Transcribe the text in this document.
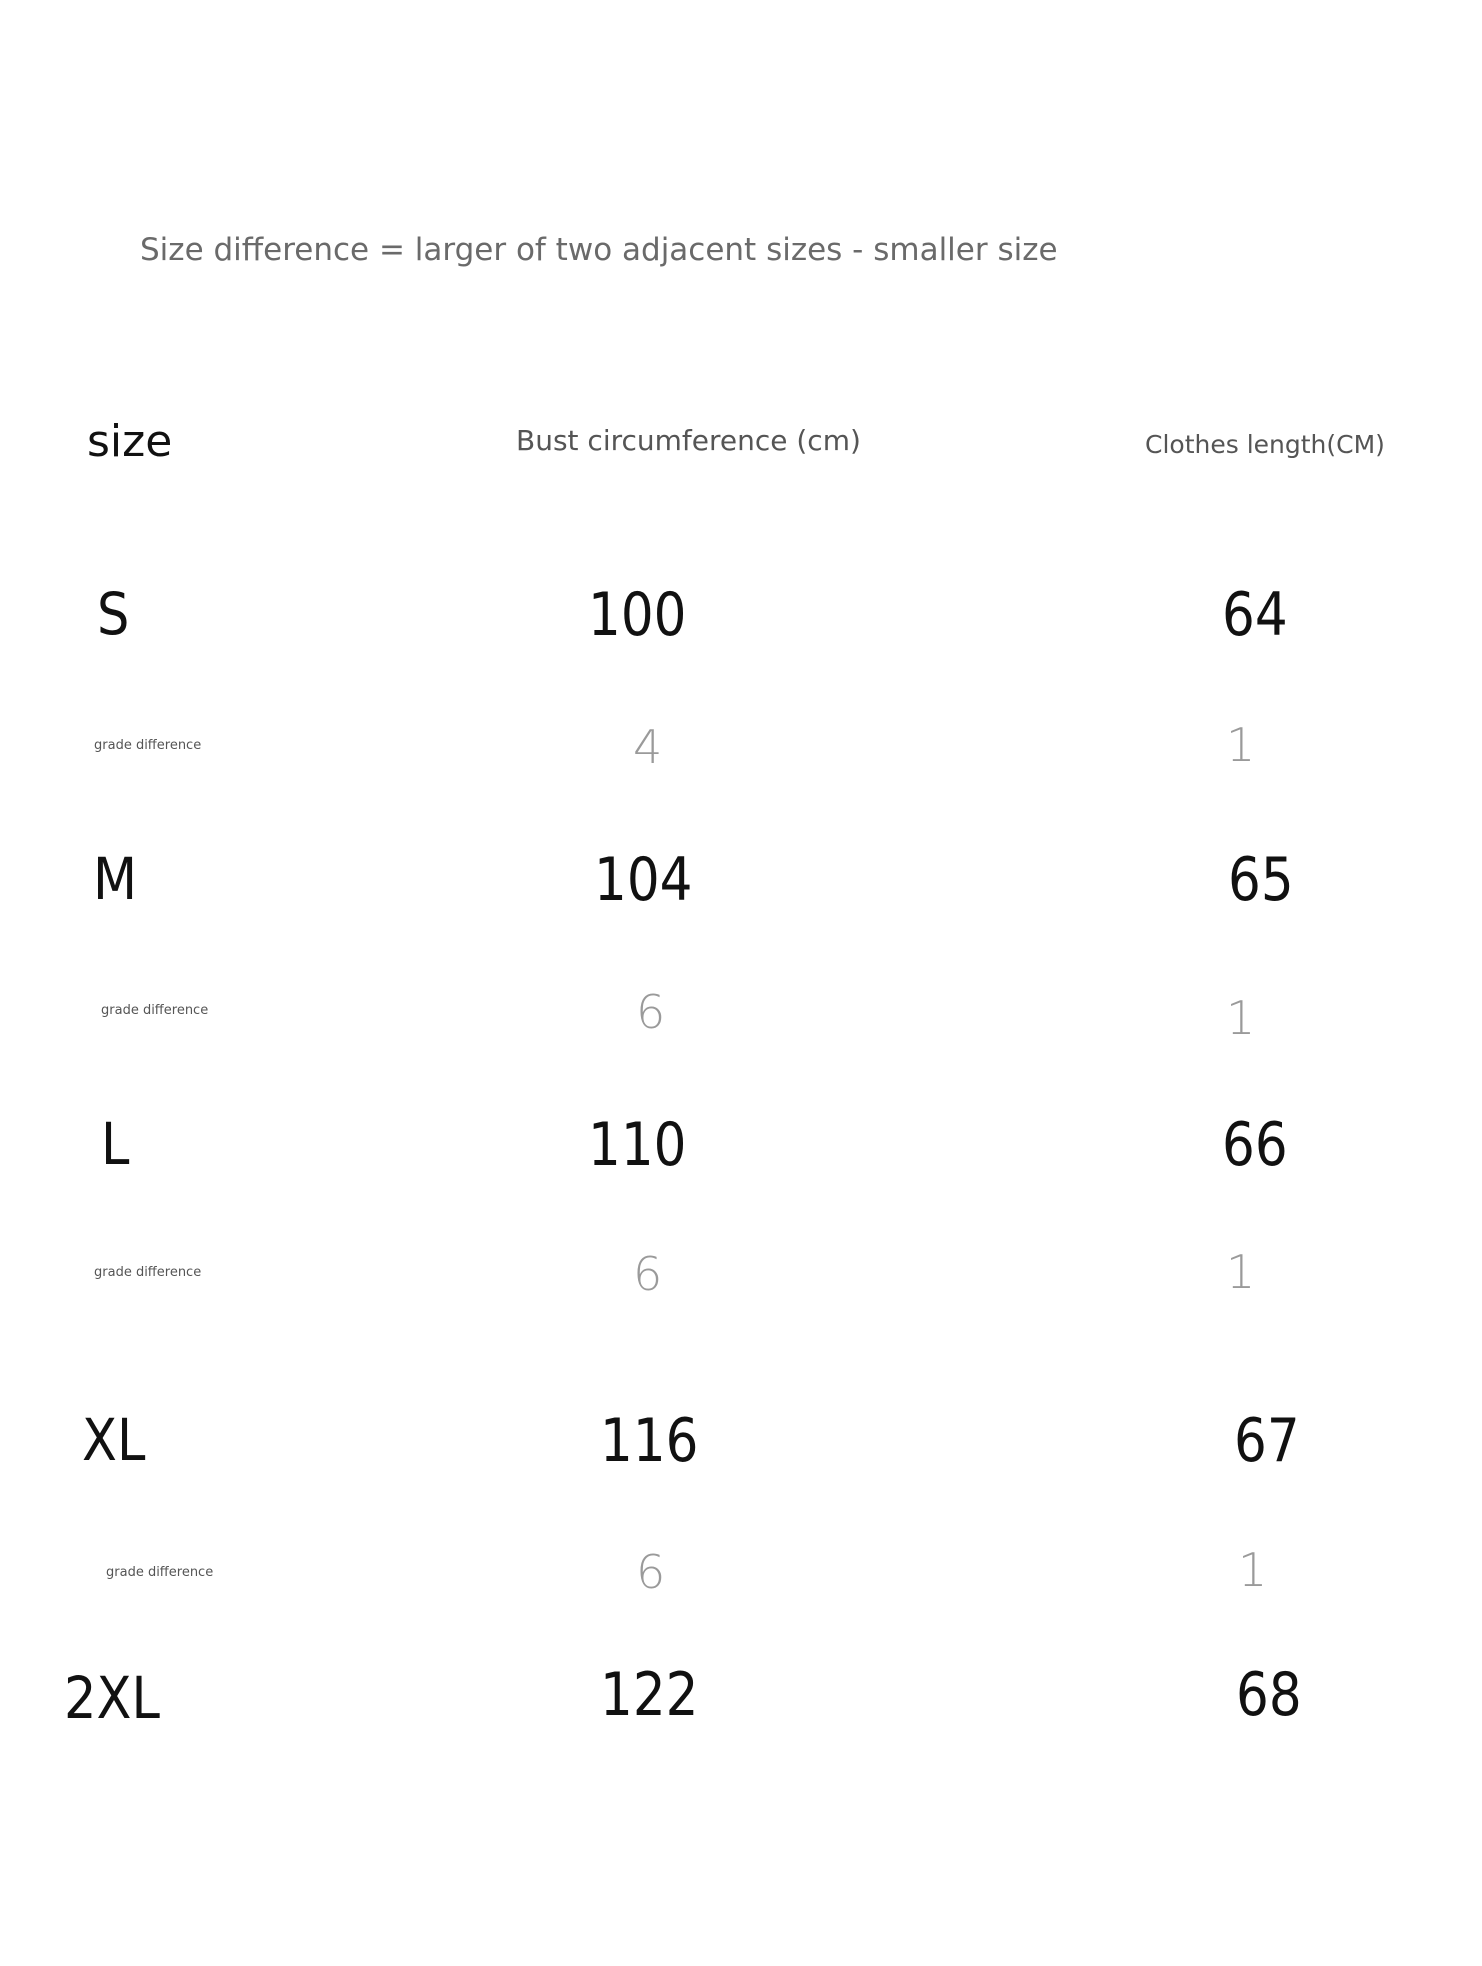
Size difference = larger of two adjacent sizes - smaller size
size	Bust circumference (cm)	Clothes length(CM)
S	100	64
grade difference	4	1
M	104	65
grade difference	6	1
L	110	66
grade difference	6	1
XL	116	67
grade difference	6	1
2XL	122	68
